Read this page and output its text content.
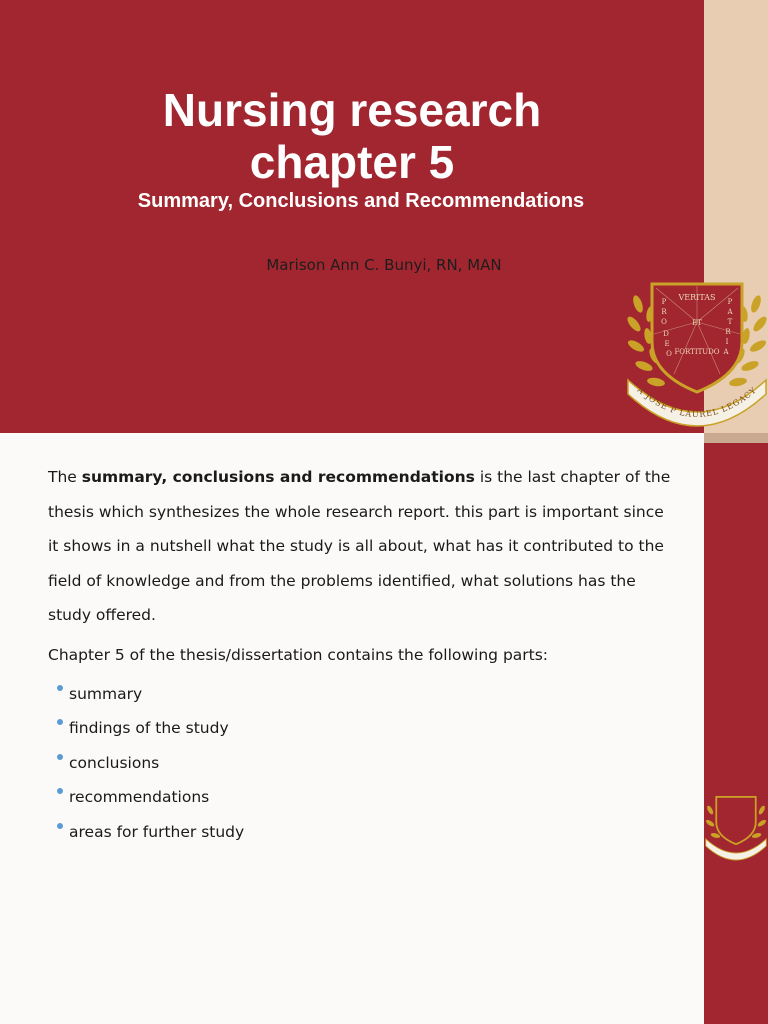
Nursing research
chapter 5
Summary, Conclusions and Recommendations
Marison Ann C. Bunyi, RN, MAN
VERITAS
ET
FORTITUDO
P
R
O
D
E
O
P
A
T
R
I
A
A JOSE P LAUREL LEGACY

The summary, conclusions and recommendations is the last chapter of the thesis which synthesizes the whole research report. this part is important since it shows in a nutshell what the study is all about, what has it contributed to the field of knowledge and from the problems identified, what solutions has the study offered.

Chapter 5 of the thesis/dissertation contains the following parts:

summary
findings of the study
conclusions
recommendations
areas for further study
